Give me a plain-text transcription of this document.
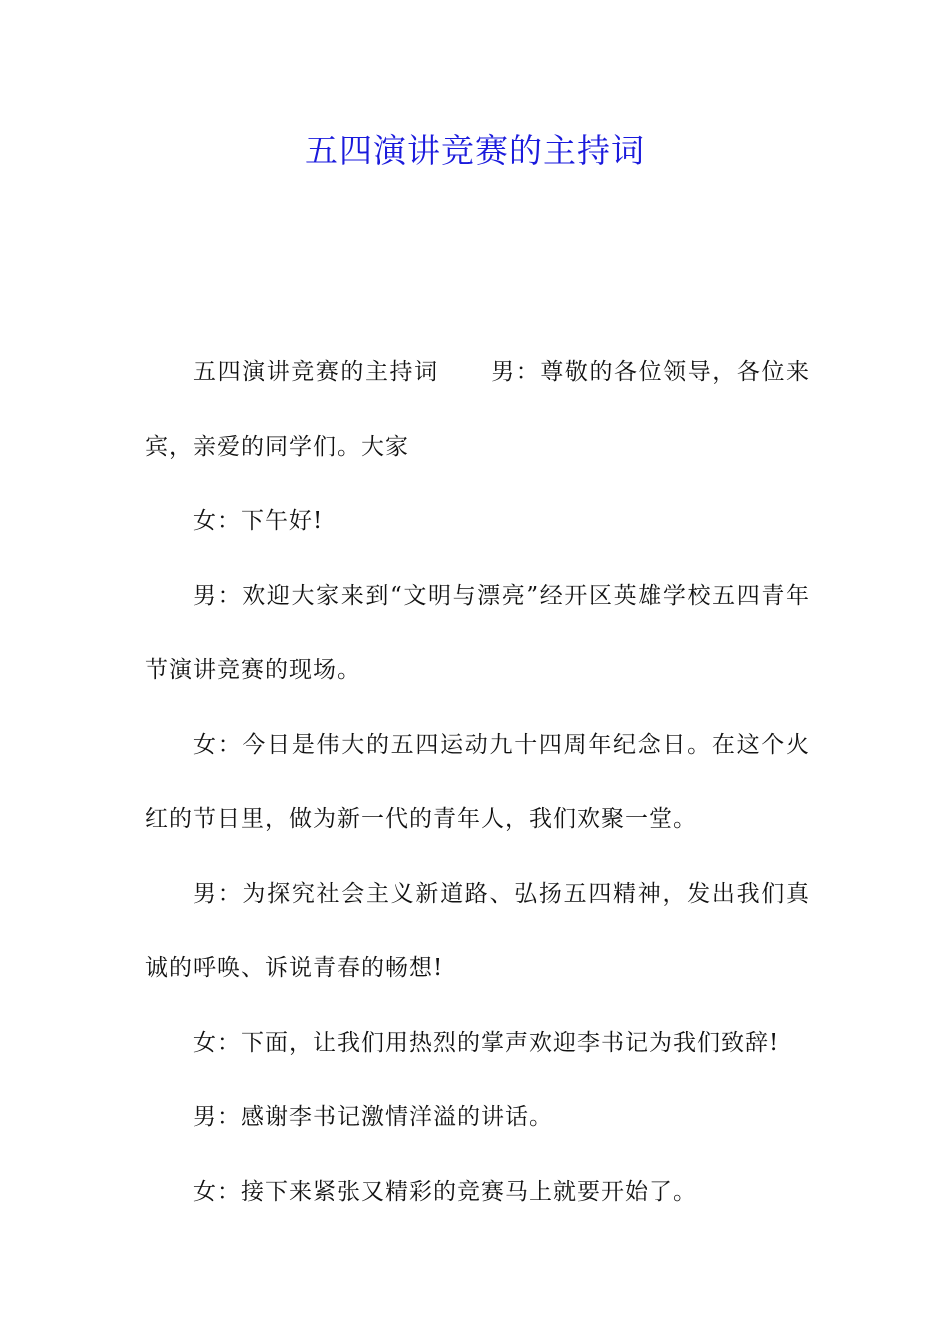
五四演讲竞赛的主持词

五四演讲竞赛的主持词 男：尊敬的各位领导，各位来宾，亲爱的同学们。大家

女：下午好!

男：欢迎大家来到“文明与漂亮”经开区英雄学校五四青年节演讲竞赛的现场。

女：今日是伟大的五四运动九十四周年纪念日。在这个火红的节日里，做为新一代的青年人，我们欢聚一堂。

男：为探究社会主义新道路、弘扬五四精神，发出我们真诚的呼唤、诉说青春的畅想!

女：下面，让我们用热烈的掌声欢迎李书记为我们致辞!

男：感谢李书记激情洋溢的讲话。

女：接下来紧张又精彩的竞赛马上就要开始了。
